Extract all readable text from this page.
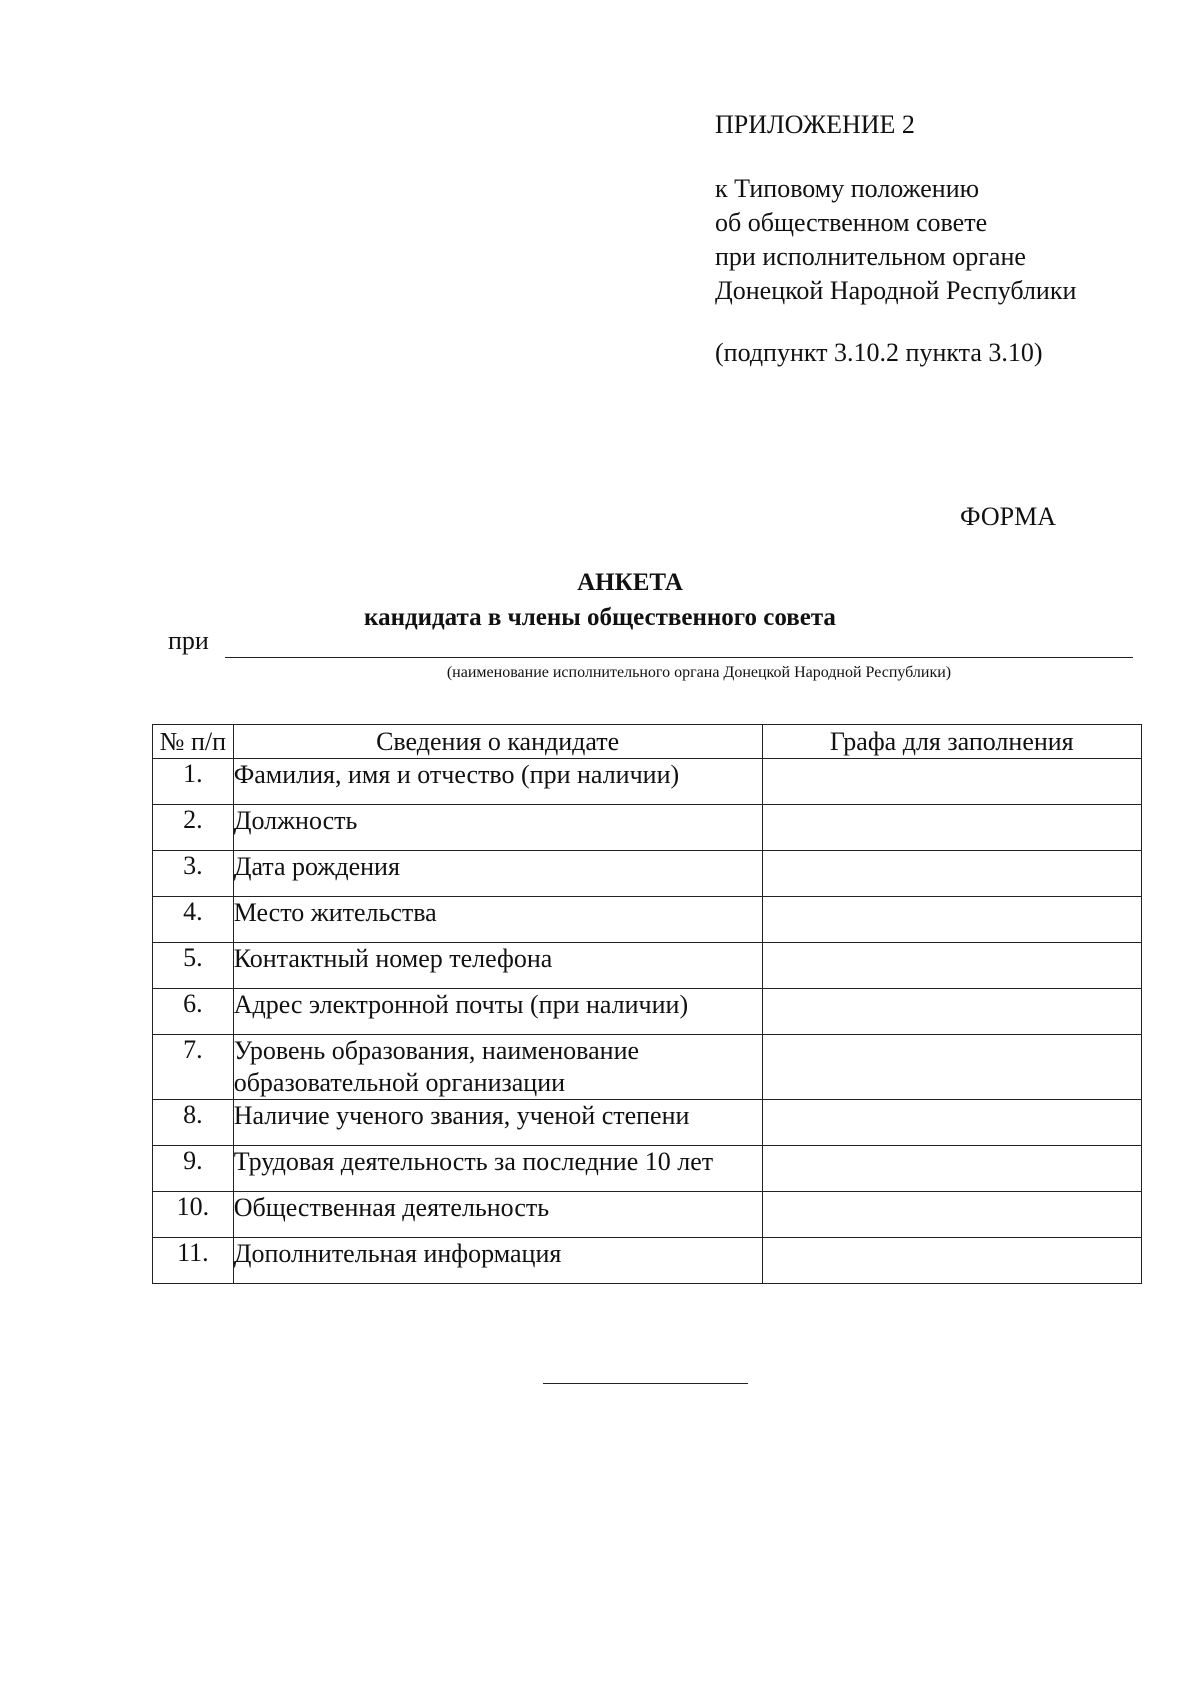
ПРИЛОЖЕНИЕ 2
к Типовому положению
об общественном совете
при исполнительном органе
Донецкой Народной Республики
(подпункт 3.10.2 пункта 3.10)
ФОРМА
АНКЕТА
кандидата в члены общественного совета
при
(наименование исполнительного органа Донецкой Народной Республики)
№ п/п	Сведения о кандидате	Графа для заполнения
1.	Фамилия, имя и отчество (при наличии)	
2.	Должность	
3.	Дата рождения	
4.	Место жительства	
5.	Контактный номер телефона	
6.	Адрес электронной почты (при наличии)	
7.	Уровень образования, наименование образовательной организации	
8.	Наличие ученого звания, ученой степени	
9.	Трудовая деятельность за последние 10 лет	
10.	Общественная деятельность	
11.	Дополнительная информация	
